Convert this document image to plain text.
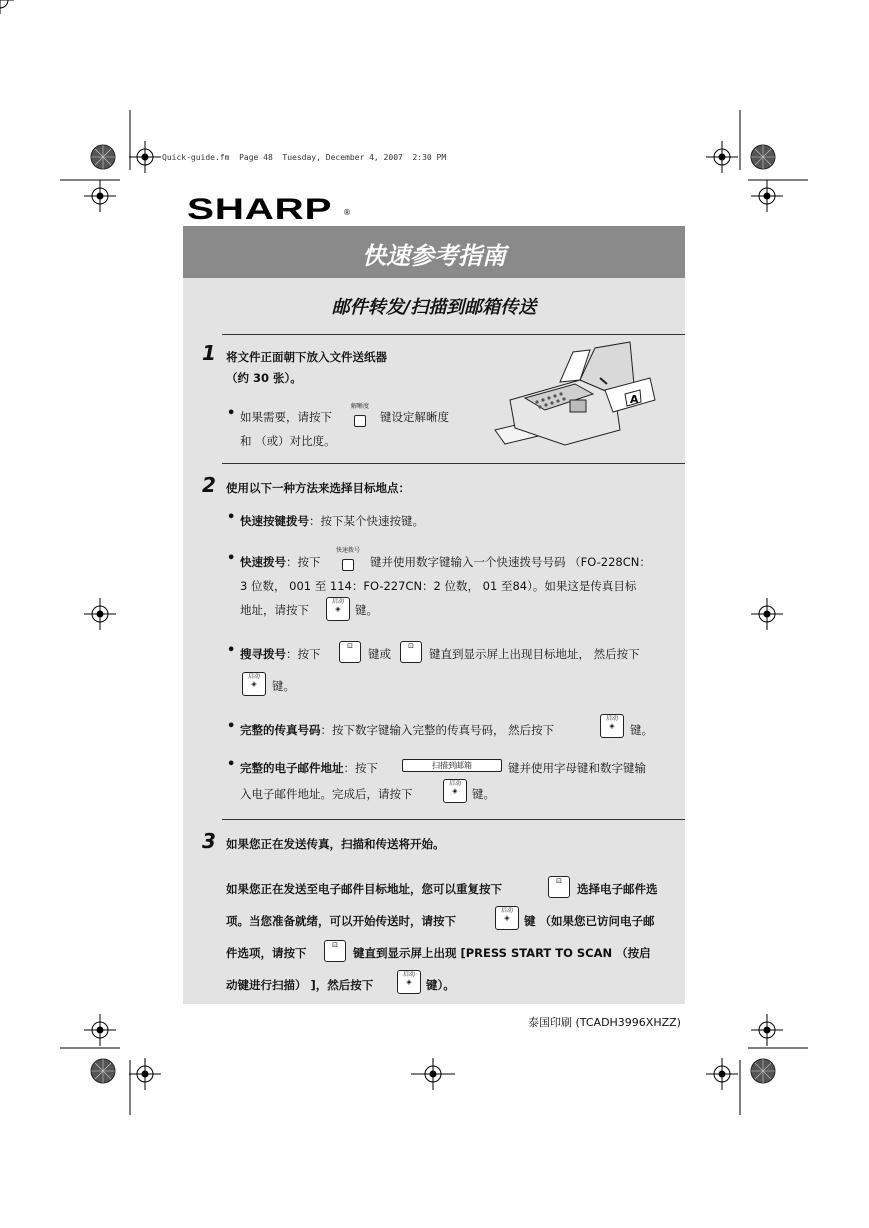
Quick-guide.fm  Page 48  Tuesday, December 4, 2007  2:30 PM
SHARP ®
快速参考指南
邮件转发/扫描到邮箱传送
1 将文件正面朝下放入文件送纸器
（约 30 张）。
• 如果需要，请按下
解晰度
键设定解晰度
和 （或）对比度。
A
2 使用以下一种方法来选择目标地点：
• 快速按键拨号：按下某个快速按键。
• 快速拨号：按下
快速拨号
键并使用数字键输入一个快速拨号号码 （FO-228CN：
3 位数， 001 至 114：FO-227CN：2 位数， 01 至84）。如果这是传真目标
地址，请按下
启动
◈	键。
• 搜寻拨号：按下
⊡
键或
⊡
键直到显示屏上出现目标地址， 然后按下
启动
◈	键。
• 完整的传真号码：按下数字键输入完整的传真号码， 然后按下
启动
◈	键。
• 完整的电子邮件地址：按下	扫描到邮箱	键并使用字母键和数字键输
入电子邮件地址。完成后，请按下
启动
◈	键。
3 如果您正在发送传真，扫描和传送将开始。
如果您正在发送至电子邮件目标地址，您可以重复按下
⊡
选择电子邮件选
项。当您准备就绪，可以开始传送时，请按下
启动
◈	键 （如果您已访问电子邮
件选项，请按下
⊡
键直到显示屏上出现 [PRESS START TO SCAN （按启
动键进行扫描） ]，然后按下
启动
◈	键）。
泰国印刷 (TCADH3996XHZZ)
